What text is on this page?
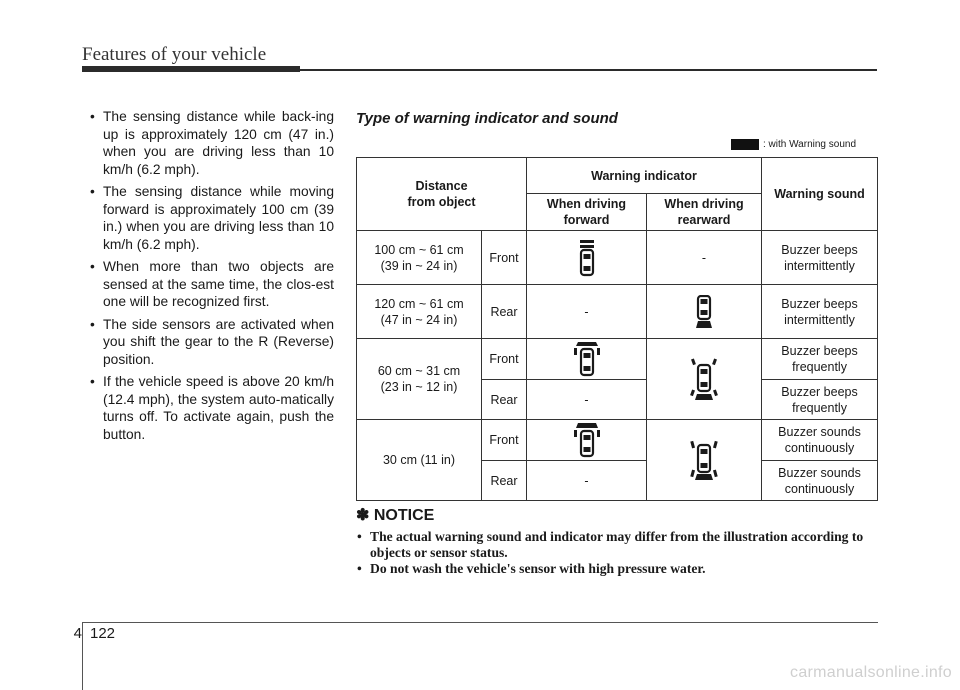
Features of your vehicle
• The sensing distance while back-ing up is approximately 120 cm (47 in.) when you are driving less than 10 km/h (6.2 mph).
• The sensing distance while moving forward is approximately 100 cm (39 in.) when you are driving less than 10 km/h (6.2 mph).
• When more than two objects are sensed at the same time, the clos-est one will be recognized first.
• The side sensors are activated when you shift the gear to the R (Reverse) position.
• If the vehicle speed is above 20 km/h (12.4 mph), the system auto-matically turns off. To activate again, push the button.
Type of warning indicator and sound
: with Warning sound
Distance
from object		Warning indicator		Warning sound
		When driving forward	When driving rearward	
100 cm ~ 61 cm
(39 in ~ 24 in)	Front		-	Buzzer beeps intermittently
120 cm ~ 61 cm
(47 in ~ 24 in)	Rear	-		Buzzer beeps intermittently
60 cm ~ 31 cm
(23 in ~ 12 in)	Front			Buzzer beeps frequently
	Rear	-		Buzzer beeps frequently
30 cm (11 in)	Front			Buzzer sounds continuously
	Rear	-		Buzzer sounds continuously
✽ NOTICE
• The actual warning sound and indicator may differ from the illustration according to objects or sensor status.
• Do not wash the vehicle's sensor with high pressure water.
4 122
carmanualsonline.info
